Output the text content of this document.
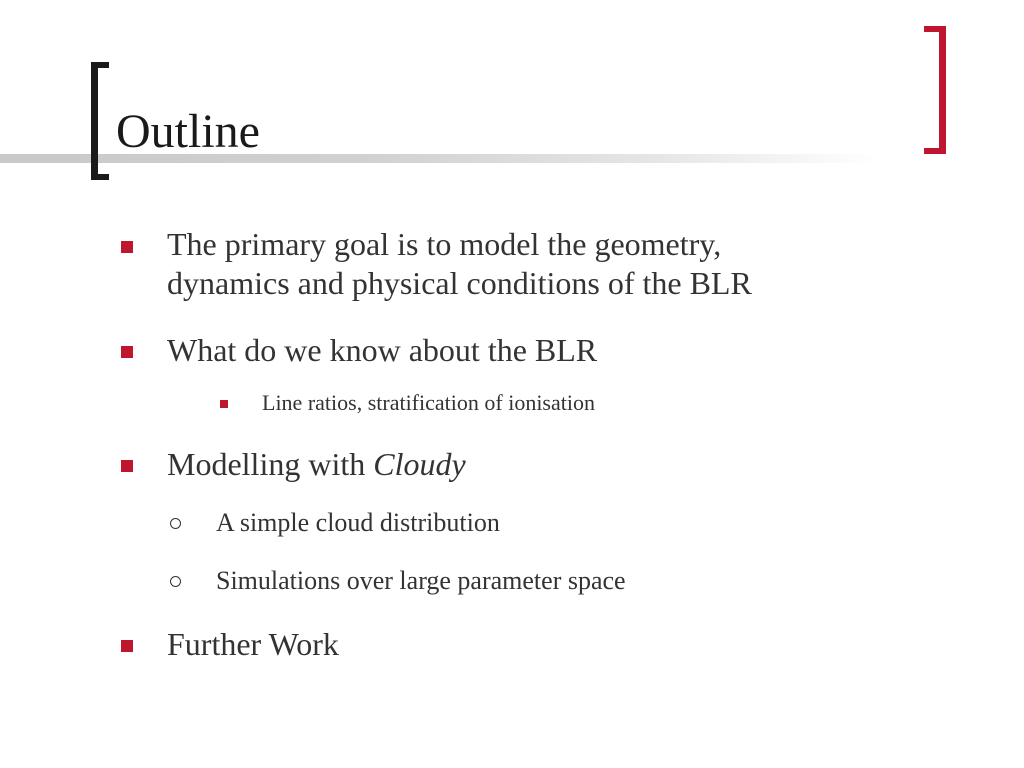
Outline
The primary goal is to model the geometry,
dynamics and physical conditions of the BLR
What do we know about the BLR
Line ratios, stratification of ionisation
Modelling with Cloudy
A simple cloud distribution
Simulations over large parameter space
Further Work
